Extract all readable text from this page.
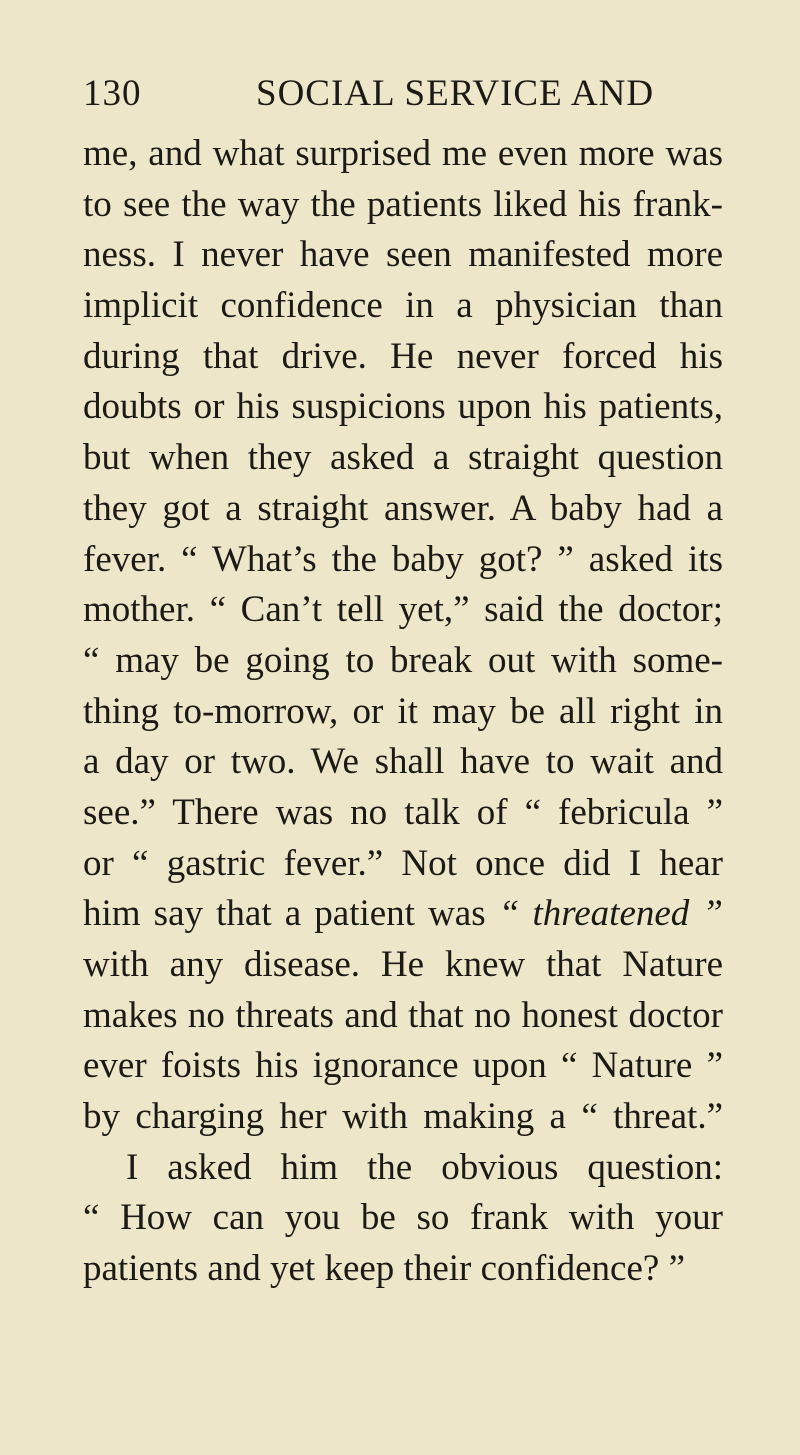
130	SOCIAL SERVICE AND
me, and what surprised me even more was
to see the way the patients liked his frank-
ness. I never have seen manifested more
implicit confidence in a physician than
during that drive. He never forced his
doubts or his suspicions upon his patients,
but when they asked a straight question
they got a straight answer. A baby had a
fever. “ What’s the baby got? ” asked its
mother. “ Can’t tell yet,” said the doctor;
“ may be going to break out with some-
thing to-morrow, or it may be all right in
a day or two. We shall have to wait and
see.” There was no talk of “ febricula ”
or “ gastric fever.” Not once did I hear
him say that a patient was “ threatened ”
with any disease. He knew that Nature
makes no threats and that no honest doctor
ever foists his ignorance upon “ Nature ”
by charging her with making a “ threat.”
I asked him the obvious question:
“ How can you be so frank with your
patients and yet keep their confidence? ”
